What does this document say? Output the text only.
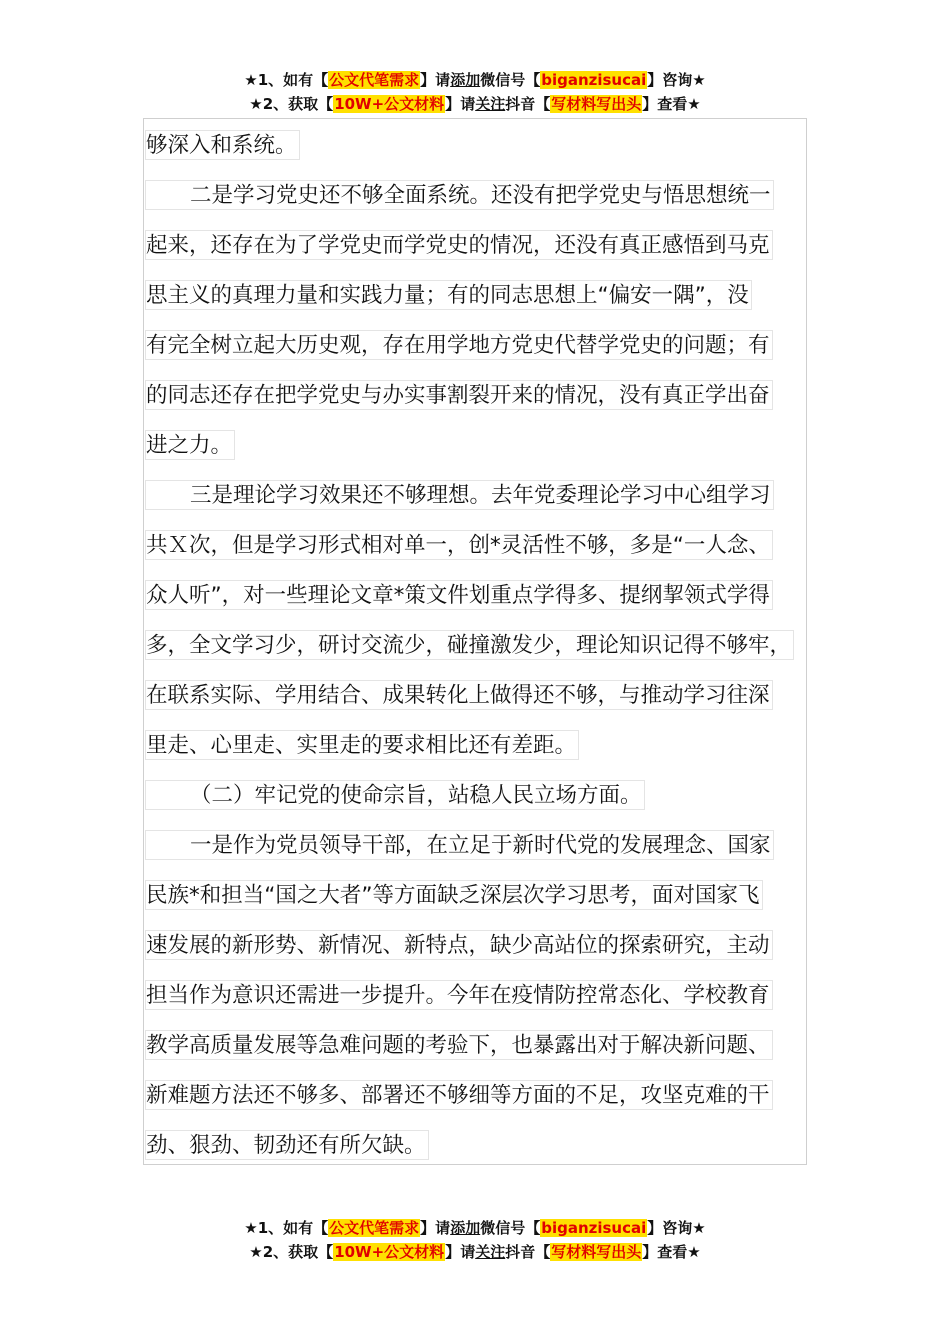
★1、如有【公文代笔需求】请添加微信号【biganzisucai】咨询★
★2、获取【10W+公文材料】请关注抖音【写材料写出头】查看★
够深入和系统。
二是学习党史还不够全面系统。还没有把学党史与悟思想统一
起来，还存在为了学党史而学党史的情况，还没有真正感悟到马克
思主义的真理力量和实践力量；有的同志思想上“偏安一隅”，没
有完全树立起大历史观，存在用学地方党史代替学党史的问题；有
的同志还存在把学党史与办实事割裂开来的情况，没有真正学出奋
进之力。
三是理论学习效果还不够理想。去年党委理论学习中心组学习
共Ｘ次，但是学习形式相对单一，创*灵活性不够，多是“一人念、
众人听”，对一些理论文章*策文件划重点学得多、提纲挈领式学得
多，全文学习少，研讨交流少，碰撞激发少，理论知识记得不够牢，
在联系实际、学用结合、成果转化上做得还不够，与推动学习往深
里走、心里走、实里走的要求相比还有差距。
（二）牢记党的使命宗旨，站稳人民立场方面。
一是作为党员领导干部，在立足于新时代党的发展理念、国家
民族*和担当“国之大者”等方面缺乏深层次学习思考，面对国家飞
速发展的新形势、新情况、新特点，缺少高站位的探索研究，主动
担当作为意识还需进一步提升。今年在疫情防控常态化、学校教育
教学高质量发展等急难问题的考验下，也暴露出对于解决新问题、
新难题方法还不够多、部署还不够细等方面的不足，攻坚克难的干
劲、狠劲、韧劲还有所欠缺。
★1、如有【公文代笔需求】请添加微信号【biganzisucai】咨询★
★2、获取【10W+公文材料】请关注抖音【写材料写出头】查看★
